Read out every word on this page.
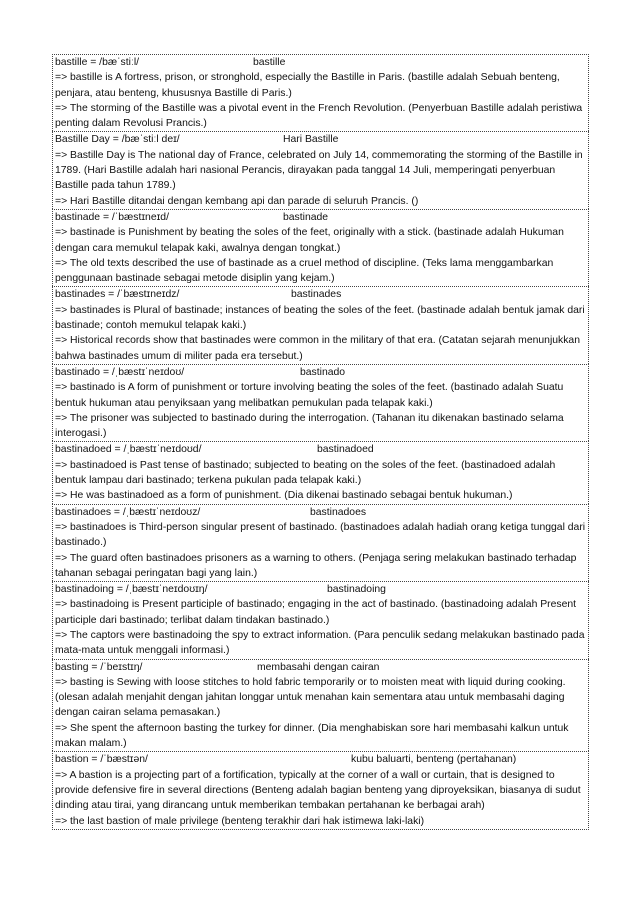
bastille = /bæˈstiːl/	bastille
=> bastille is A fortress, prison, or stronghold, especially the Bastille in Paris. (bastille adalah Sebuah benteng, penjara, atau benteng, khususnya Bastille di Paris.)
=> The storming of the Bastille was a pivotal event in the French Revolution. (Penyerbuan Bastille adalah peristiwa penting dalam Revolusi Prancis.)
Bastille Day = /bæˈstiːl deɪ/	Hari Bastille
=> Bastille Day is The national day of France, celebrated on July 14, commemorating the storming of the Bastille in 1789. (Hari Bastille adalah hari nasional Perancis, dirayakan pada tanggal 14 Juli, memperingati penyerbuan Bastille pada tahun 1789.)
=> Hari Bastille ditandai dengan kembang api dan parade di seluruh Prancis. ()
bastinade = /ˈbæstɪneɪd/	bastinade
=> bastinade is Punishment by beating the soles of the feet, originally with a stick. (bastinade adalah Hukuman dengan cara memukul telapak kaki, awalnya dengan tongkat.)
=> The old texts described the use of bastinade as a cruel method of discipline. (Teks lama menggambarkan penggunaan bastinade sebagai metode disiplin yang kejam.)
bastinades = /ˈbæstɪneɪdz/	bastinades
=> bastinades is Plural of bastinade; instances of beating the soles of the feet. (bastinade adalah bentuk jamak dari bastinade; contoh memukul telapak kaki.)
=> Historical records show that bastinades were common in the military of that era. (Catatan sejarah menunjukkan bahwa bastinades umum di militer pada era tersebut.)
bastinado = /ˌbæstɪˈneɪdoʊ/	bastinado
=> bastinado is A form of punishment or torture involving beating the soles of the feet. (bastinado adalah Suatu bentuk hukuman atau penyiksaan yang melibatkan pemukulan pada telapak kaki.)
=> The prisoner was subjected to bastinado during the interrogation. (Tahanan itu dikenakan bastinado selama interogasi.)
bastinadoed = /ˌbæstɪˈneɪdoʊd/	bastinadoed
=> bastinadoed is Past tense of bastinado; subjected to beating on the soles of the feet. (bastinadoed adalah bentuk lampau dari bastinado; terkena pukulan pada telapak kaki.)
=> He was bastinadoed as a form of punishment. (Dia dikenai bastinado sebagai bentuk hukuman.)
bastinadoes = /ˌbæstɪˈneɪdoʊz/	bastinadoes
=> bastinadoes is Third-person singular present of bastinado. (bastinadoes adalah hadiah orang ketiga tunggal dari bastinado.)
=> The guard often bastinadoes prisoners as a warning to others. (Penjaga sering melakukan bastinado terhadap tahanan sebagai peringatan bagi yang lain.)
bastinadoing = /ˌbæstɪˈneɪdoʊɪŋ/	bastinadoing
=> bastinadoing is Present participle of bastinado; engaging in the act of bastinado. (bastinadoing adalah Present participle dari bastinado; terlibat dalam tindakan bastinado.)
=> The captors were bastinadoing the spy to extract information. (Para penculik sedang melakukan bastinado pada mata-mata untuk menggali informasi.)
basting = /ˈbeɪstɪŋ/	membasahi dengan cairan
=> basting is Sewing with loose stitches to hold fabric temporarily or to moisten meat with liquid during cooking. (olesan adalah menjahit dengan jahitan longgar untuk menahan kain sementara atau untuk membasahi daging dengan cairan selama pemasakan.)
=> She spent the afternoon basting the turkey for dinner. (Dia menghabiskan sore hari membasahi kalkun untuk makan malam.)
bastion = /ˈbæstɪən/	kubu baluarti, benteng (pertahanan)
=> A bastion is a projecting part of a fortification, typically at the corner of a wall or curtain, that is designed to provide defensive fire in several directions (Benteng adalah bagian benteng yang diproyeksikan, biasanya di sudut dinding atau tirai, yang dirancang untuk memberikan tembakan pertahanan ke berbagai arah)
=> the last bastion of male privilege (benteng terakhir dari hak istimewa laki-laki)
